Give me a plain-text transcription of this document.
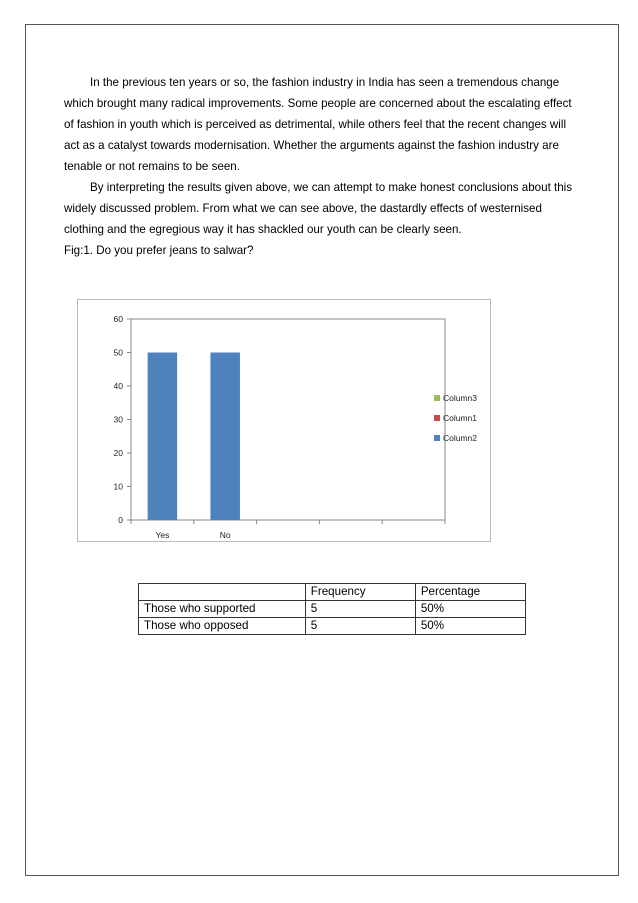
In the previous ten years or so, the fashion industry in India has seen a tremendous change which brought many radical improvements. Some people are concerned about the escalating effect of fashion in youth which is perceived as detrimental, while others feel that the recent changes will act as a catalyst towards modernisation. Whether the arguments against the fashion industry are tenable or not remains to be seen.

By interpreting the results given above, we can attempt to make honest conclusions about this widely discussed problem. From what we can see above, the dastardly effects of westernised clothing and the egregious way it has shackled our youth can be clearly seen.

Fig:1. Do you prefer jeans to salwar?

0
10
20
30
40
50
60
Yes	No
Column3
Column1
Column2
	Frequency	Percentage
Those who supported	5	50%
Those who opposed	5	50%
